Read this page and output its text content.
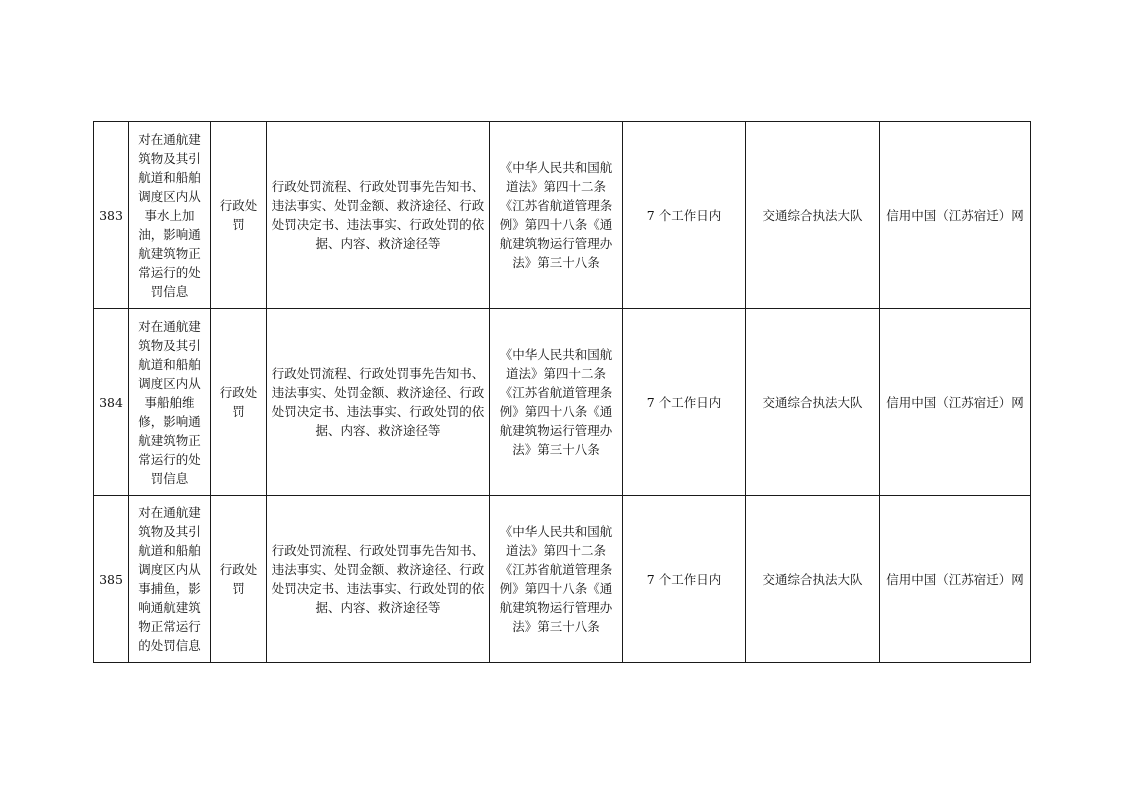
383	对在通航建筑物及其引航道和船舶调度区内从事水上加油，影响通航建筑物正常运行的处罚信息	行政处罚	行政处罚流程、行政处罚事先告知书、违法事实、处罚金额、救济途径、行政处罚决定书、违法事实、行政处罚的依据、内容、救济途径等	《中华人民共和国航道法》第四十二条《江苏省航道管理条例》第四十八条《通航建筑物运行管理办法》第三十八条	7 个工作日内	交通综合执法大队	信用中国（江苏宿迁）网
384	对在通航建筑物及其引航道和船舶调度区内从事船舶维修，影响通航建筑物正常运行的处罚信息	行政处罚	行政处罚流程、行政处罚事先告知书、违法事实、处罚金额、救济途径、行政处罚决定书、违法事实、行政处罚的依据、内容、救济途径等	《中华人民共和国航道法》第四十二条《江苏省航道管理条例》第四十八条《通航建筑物运行管理办法》第三十八条	7 个工作日内	交通综合执法大队	信用中国（江苏宿迁）网
385	对在通航建筑物及其引航道和船舶调度区内从事捕鱼，影响通航建筑物正常运行的处罚信息	行政处罚	行政处罚流程、行政处罚事先告知书、违法事实、处罚金额、救济途径、行政处罚决定书、违法事实、行政处罚的依据、内容、救济途径等	《中华人民共和国航道法》第四十二条《江苏省航道管理条例》第四十八条《通航建筑物运行管理办法》第三十八条	7 个工作日内	交通综合执法大队	信用中国（江苏宿迁）网
